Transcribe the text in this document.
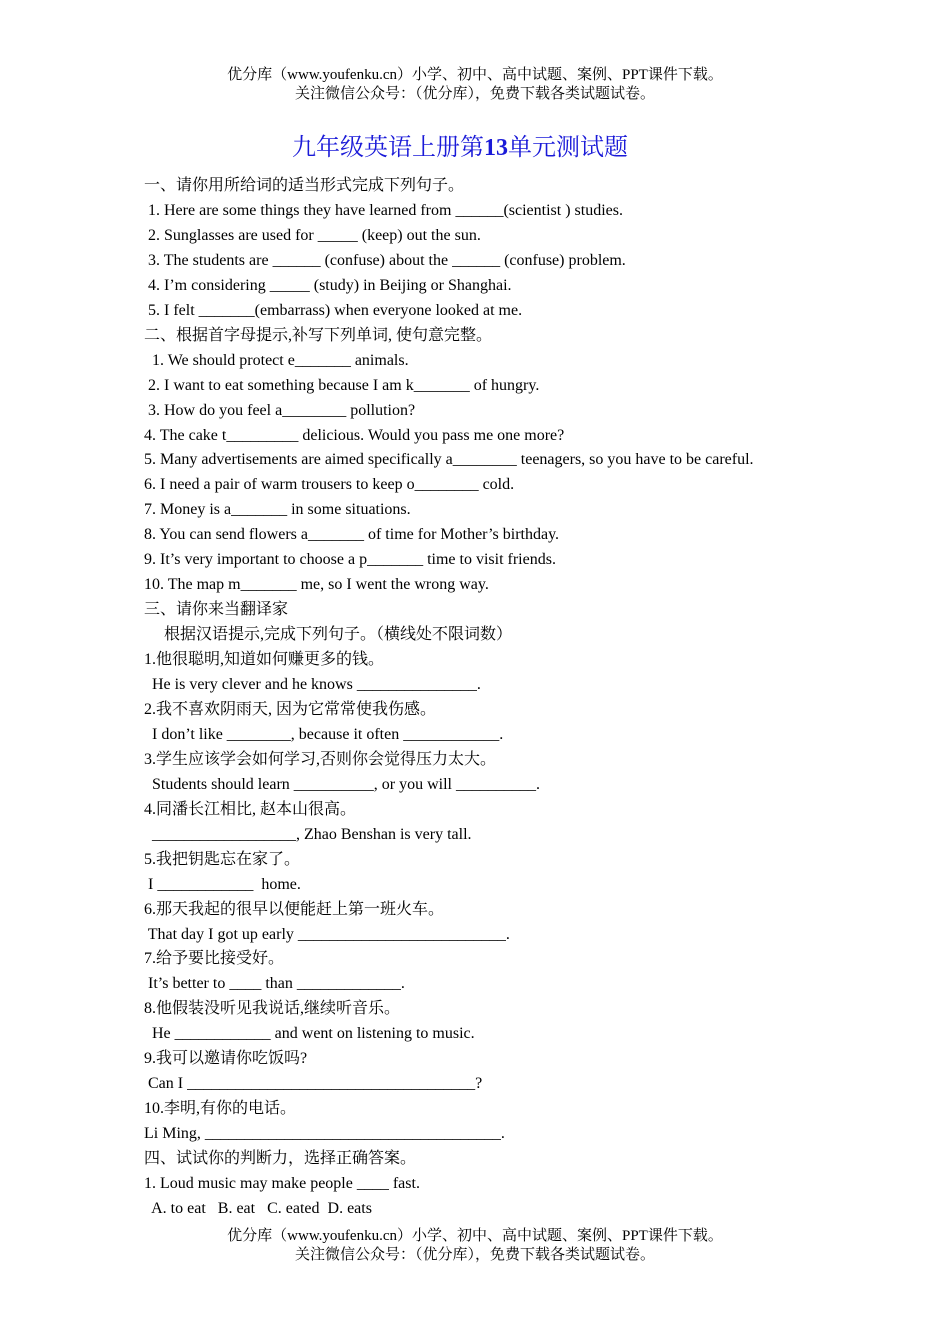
优分库（www.youfenku.cn）小学、初中、高中试题、案例、PPT课件下载。
关注微信公众号：（优分库），免费下载各类试题试卷。
九年级英语上册第13单元测试题
一、请你用所给词的适当形式完成下列句子。
1. Here are some things they have learned from ______(scientist ) studies.
2. Sunglasses are used for _____ (keep) out the sun.
3. The students are ______ (confuse) about the ______ (confuse) problem.
4. I’m considering _____ (study) in Beijing or Shanghai.
5. I felt _______(embarrass) when everyone looked at me.
二、根据首字母提示,补写下列单词, 使句意完整。
1. We should protect e_______ animals.
2. I want to eat something because I am k_______ of hungry.
3. How do you feel a________ pollution?
4. The cake t_________ delicious. Would you pass me one more?
5. Many advertisements are aimed specifically a________ teenagers, so you have to be careful.
6. I need a pair of warm trousers to keep o________ cold.
7. Money is a_______ in some situations.
8. You can send flowers a_______ of time for Mother’s birthday.
9. It’s very important to choose a p_______ time to visit friends.
10. The map m_______ me, so I went the wrong way.
三、请你来当翻译家
根据汉语提示,完成下列句子。（横线处不限词数）
1.他很聪明,知道如何赚更多的钱。
He is very clever and he knows _______________.
2.我不喜欢阴雨天, 因为它常常使我伤感。
I don’t like ________, because it often ____________.
3.学生应该学会如何学习,否则你会觉得压力太大。
Students should learn __________, or you will __________.
4.同潘长江相比, 赵本山很高。
__________________, Zhao Benshan is very tall.
5.我把钥匙忘在家了。
I ____________  home.
6.那天我起的很早以便能赶上第一班火车。
That day I got up early __________________________.
7.给予要比接受好。
It’s better to ____ than _____________.
8.他假装没听见我说话,继续听音乐。
He ____________ and went on listening to music.
9.我可以邀请你吃饭吗?
Can I ____________________________________?
10.李明,有你的电话。
Li Ming, _____________________________________.
四、试试你的判断力，选择正确答案。
1. Loud music may make people ____ fast.
A. to eat   B. eat   C. eated  D. eats
优分库（www.youfenku.cn）小学、初中、高中试题、案例、PPT课件下载。
关注微信公众号：（优分库），免费下载各类试题试卷。
